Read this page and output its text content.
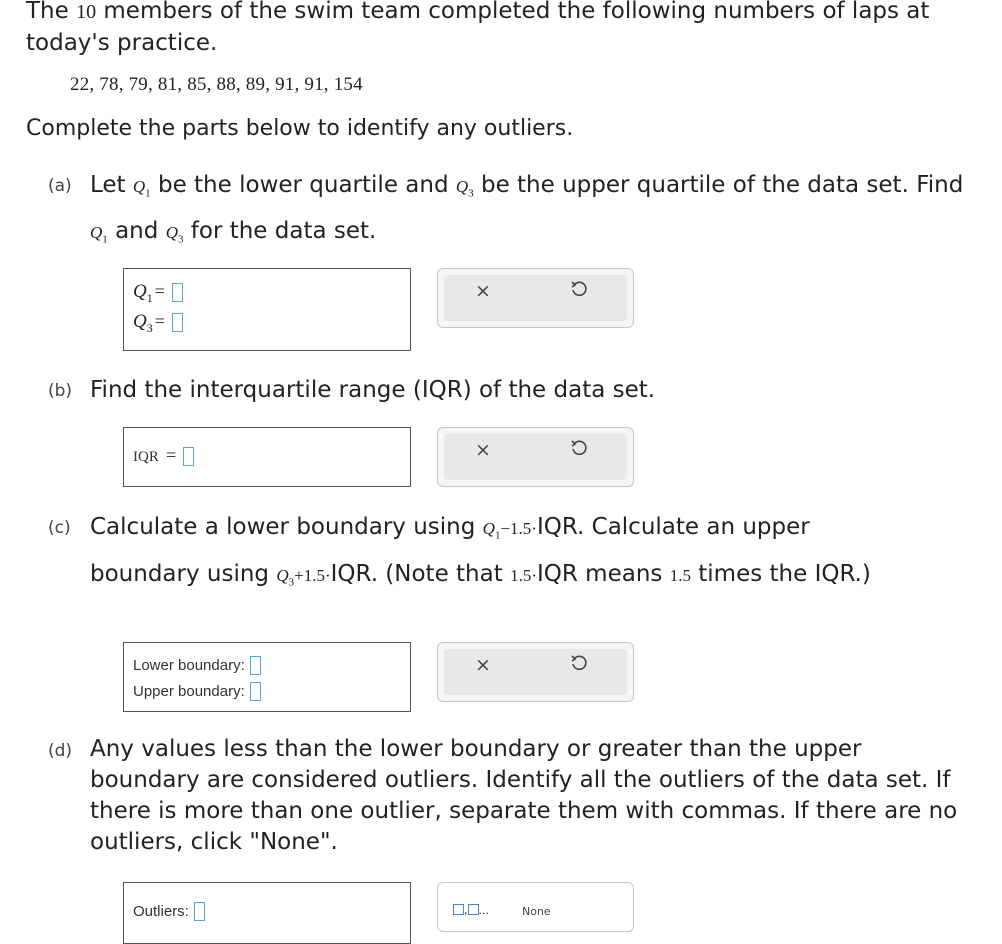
The 10 members of the swim team completed the following numbers of laps at today's practice.
22, 78, 79, 81, 85, 88, 89, 91, 91, 154
Complete the parts below to identify any outliers.
(a) Let $Q_1$ be the lower quartile and $Q_3$ be the upper quartile of the data set. Find $Q_1$ and $Q_3$ for the data set.
$Q_1$ =
$Q_3$ =
×
(b) Find the interquartile range (IQR) of the data set.
IQR =	×
(c) Calculate a lower boundary using $Q_1-1.5\cdot IQR$. Calculate an upper boundary using $Q_3+1.5\cdot IQR$. (Note that 1.5·IQR means 1.5 times the IQR.)
Lower boundary:
Upper boundary:
×
(d) Any values less than the lower boundary or greater than the upper boundary are considered outliers. Identify all the outliers of the data set. If there is more than one outlier, separate them with commas. If there are no outliers, click "None".
Outliers:	, ...	None
